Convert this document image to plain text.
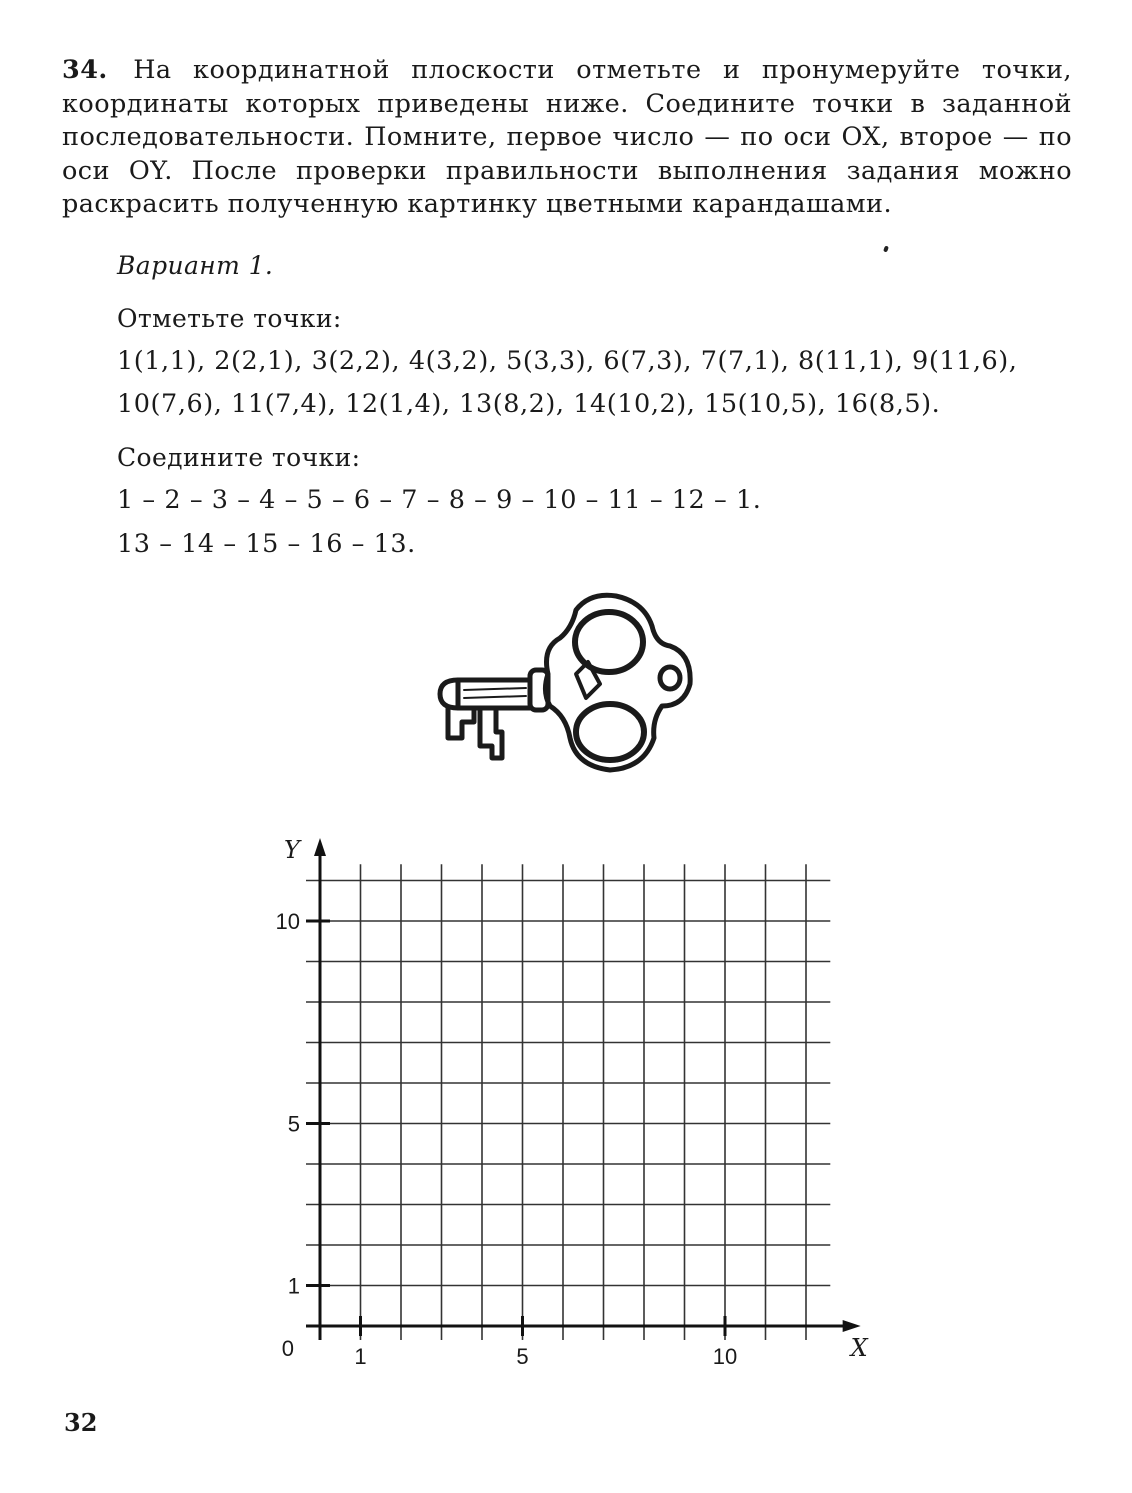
34. На координатной плоскости отметьте и пронумеруйте точки, координаты которых приведены ниже. Соедините точки в заданной последовательности. Помните, первое число — по оси OX, второе — по оси OY. После проверки правильности выполнения задания можно раскрасить полученную картинку цветными карандашами.
Вариант 1.
Отметьте точки:
1(1,1), 2(2,1), 3(2,2), 4(3,2), 5(3,3), 6(7,3), 7(7,1), 8(11,1), 9(11,6),
10(7,6), 11(7,4), 12(1,4), 13(8,2), 14(10,2), 15(10,5), 16(8,5).
Соедините точки:
1 – 2 – 3 – 4 – 5 – 6 – 7 – 8 – 9 – 10 – 11 – 12 – 1.
13 – 14 – 15 – 16 – 13.
1	5	10
1
5
10
0	X
Y
32
